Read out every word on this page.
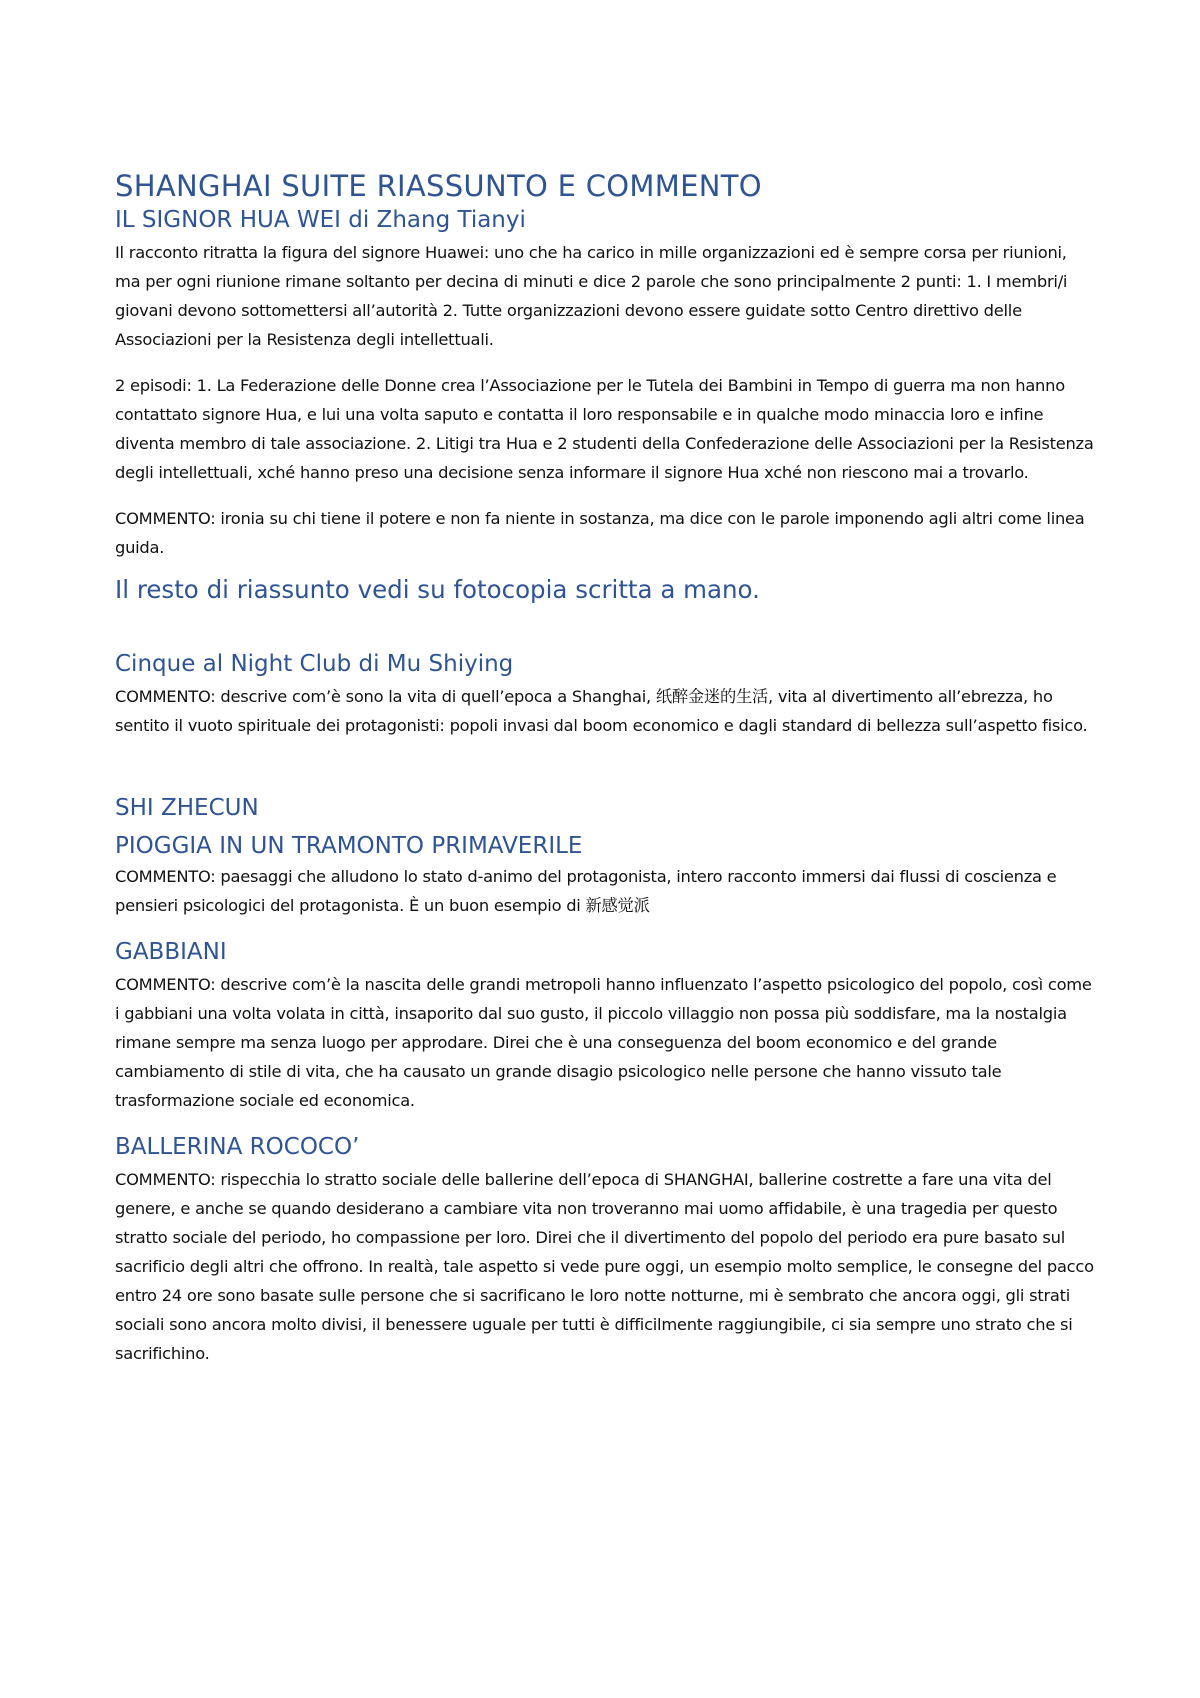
SHANGHAI SUITE RIASSUNTO E COMMENTO
IL SIGNOR HUA WEI di Zhang Tianyi

Il racconto ritratta la figura del signore Huawei: uno che ha carico in mille organizzazioni ed è sempre corsa per riunioni, ma per ogni riunione rimane soltanto per decina di minuti e dice 2 parole che sono principalmente 2 punti: 1. I membri/i giovani devono sottomettersi all’autorità 2. Tutte organizzazioni devono essere guidate sotto Centro direttivo delle Associazioni per la Resistenza degli intellettuali.

2 episodi: 1. La Federazione delle Donne crea l’Associazione per le Tutela dei Bambini in Tempo di guerra ma non hanno contattato signore Hua, e lui una volta saputo e contatta il loro responsabile e in qualche modo minaccia loro e infine diventa membro di tale associazione. 2. Litigi tra Hua e 2 studenti della Confederazione delle Associazioni per la Resistenza degli intellettuali, xché hanno preso una decisione senza informare il signore Hua xché non riescono mai a trovarlo.

COMMENTO: ironia su chi tiene il potere e non fa niente in sostanza, ma dice con le parole imponendo agli altri come linea guida.

Il resto di riassunto vedi su fotocopia scritta a mano.
Cinque al Night Club di Mu Shiying

COMMENTO: descrive com’è sono la vita di quell’epoca a Shanghai, 纸醉金迷的生活, vita al divertimento all’ebrezza, ho sentito il vuoto spirituale dei protagonisti: popoli invasi dal boom economico e dagli standard di bellezza sull’aspetto fisico.

SHI ZHECUN
PIOGGIA IN UN TRAMONTO PRIMAVERILE

COMMENTO: paesaggi che alludono lo stato d-animo del protagonista, intero racconto immersi dai flussi di coscienza e pensieri psicologici del protagonista. È un buon esempio di 新感觉派

GABBIANI

COMMENTO: descrive com’è la nascita delle grandi metropoli hanno influenzato l’aspetto psicologico del popolo, così come i gabbiani una volta volata in città, insaporito dal suo gusto, il piccolo villaggio non possa più soddisfare, ma la nostalgia rimane sempre ma senza luogo per approdare. Direi che è una conseguenza del boom economico e del grande cambiamento di stile di vita, che ha causato un grande disagio psicologico nelle persone che hanno vissuto tale trasformazione sociale ed economica.

BALLERINA ROCOCO’

COMMENTO: rispecchia lo stratto sociale delle ballerine dell’epoca di SHANGHAI, ballerine costrette a fare una vita del genere, e anche se quando desiderano a cambiare vita non troveranno mai uomo affidabile, è una tragedia per questo stratto sociale del periodo, ho compassione per loro. Direi che il divertimento del popolo del periodo era pure basato sul sacrificio degli altri che offrono. In realtà, tale aspetto si vede pure oggi, un esempio molto semplice, le consegne del pacco entro 24 ore sono basate sulle persone che si sacrificano le loro notte notturne, mi è sembrato che ancora oggi, gli strati sociali sono ancora molto divisi, il benessere uguale per tutti è difficilmente raggiungibile, ci sia sempre uno strato che si sacrifichino.
